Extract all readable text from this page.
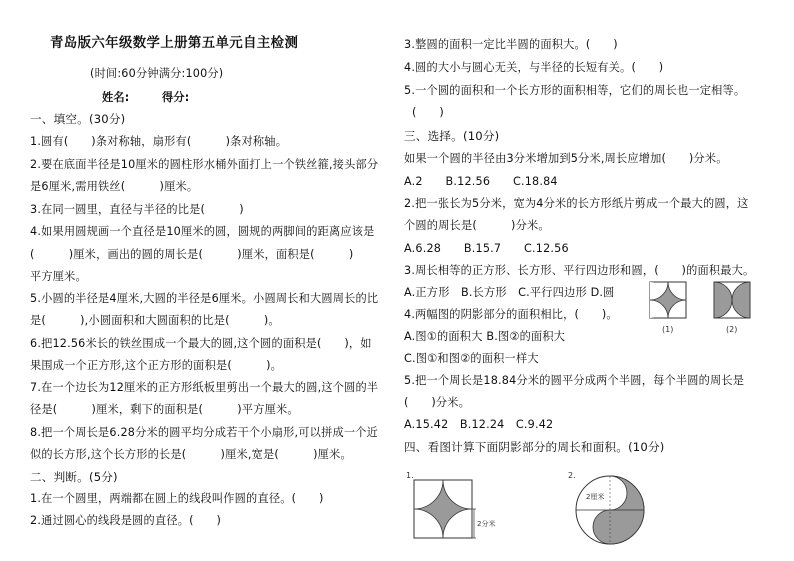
青岛版六年级数学上册第五单元自主检测
(时间:60分钟满分:100分)
姓名:	得分:
一、填空。(30分)
1.圆有(　　)条对称轴，扇形有(　　　)条对称轴。
2.要在底面半径是10厘米的圆柱形水桶外面打上一个铁丝箍,接头部分
是6厘米,需用铁丝(　　　)厘米。
3.在同一圆里，直径与半径的比是(　　　)
4.如果用圆规画一个直径是10厘米的圆，圆规的两脚间的距离应该是
(　　　)厘米，画出的圆的周长是(　　　)厘米，面积是(　　　)
平方厘米。
5.小圆的半径是4厘米,大圆的半径是6厘米。小圆周长和大圆周长的比
是(　　　),小圆面积和大圆面积的比是(　　　)。
6.把12.56米长的铁丝围成一个最大的圆,这个圆的面积是(　　)，如
果围成一个正方形,这个正方形的面积是(　　　)。
7.在一个边长为12厘米的正方形纸板里剪出一个最大的圆,这个圆的半
径是(　　　)厘米，剩下的面积是(　　　)平方厘米。
8.把一个周长是6.28分米的圆平均分成若干个小扇形,可以拼成一个近
似的长方形,这个长方形的长是(　　　)厘米,宽是(　　　)厘米。
二、判断。(5分)
1.在一个圆里，两端都在圆上的线段叫作圆的直径。(　　)
2.通过圆心的线段是圆的直径。(　　)
3.整圆的面积一定比半圆的面积大。(　　)
4.圆的大小与圆心无关，与半径的长短有关。(　　)
5.一个圆的面积和一个长方形的面积相等，它们的周长也一定相等。
(　　)
三、选择。(10分)
如果一个圆的半径由3分米增加到5分米,周长应增加(　　)分米。
A.2　　B.12.56　　C.18.84
2.把一张长为5分米，宽为4分米的长方形纸片剪成一个最大的圆，这
个圆的周长是(　　　)分米。
A.6.28　　B.15.7　　C.12.56
3.周长相等的正方形、长方形、平行四边形和圆，(　　)的面积最大。
A.正方形　B.长方形　C.平行四边形 D.圆
4.两幅图的阴影部分的面积相比，(　　)。
A.图①的面积大 B.图②的面积大
C.图①和图②的面积一样大
5.把一个周长是18.84分米的圆平分成两个半圆，每个半圆的周长是
(　　)分米。
A.15.42　B.12.24　C.9.42
四、看图计算下面阴影部分的周长和面积。(10分)
(1)	(2)
1.
2分米
2.
2厘米
